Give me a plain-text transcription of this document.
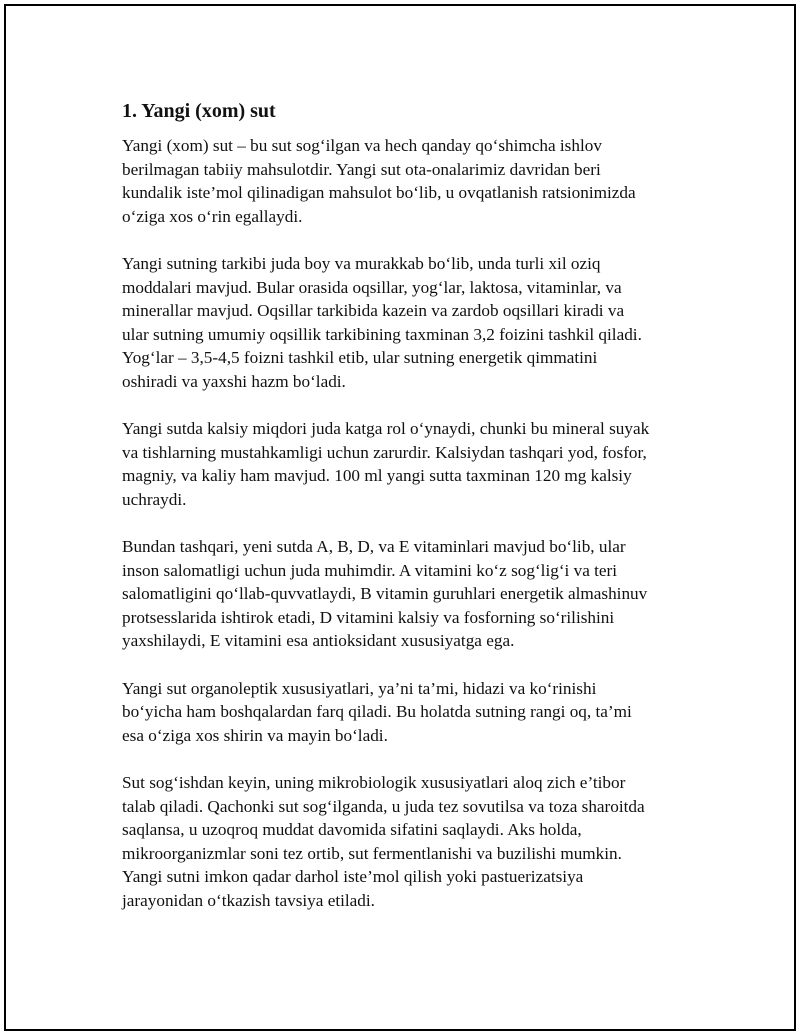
1. Yangi (xom) sut

Yangi (xom) sut – bu sut sog‘ilgan va hech qanday qo‘shimcha ishlov
berilmagan tabiiy mahsulotdir. Yangi sut ota-onalarimiz davridan beri
kundalik iste’mol qilinadigan mahsulot bo‘lib, u ovqatlanish ratsionimizda
o‘ziga xos o‘rin egallaydi.

Yangi sutning tarkibi juda boy va murakkab bo‘lib, unda turli xil oziq
moddalari mavjud. Bular orasida oqsillar, yog‘lar, laktosa, vitaminlar, va
minerallar mavjud. Oqsillar tarkibida kazein va zardob oqsillari kiradi va
ular sutning umumiy oqsillik tarkibining taxminan 3,2 foizini tashkil qiladi.
Yog‘lar – 3,5-4,5 foizni tashkil etib, ular sutning energetik qimmatini
oshiradi va yaxshi hazm bo‘ladi.

Yangi sutda kalsiy miqdori juda katga rol o‘ynaydi, chunki bu mineral suyak
va tishlarning mustahkamligi uchun zarurdir. Kalsiydan tashqari yod, fosfor,
magniy, va kaliy ham mavjud. 100 ml yangi sutta taxminan 120 mg kalsiy
uchraydi.

Bundan tashqari, yeni sutda A, B, D, va E vitaminlari mavjud bo‘lib, ular
inson salomatligi uchun juda muhimdir. A vitamini ko‘z sog‘lig‘i va teri
salomatligini qo‘llab-quvvatlaydi, B vitamin guruhlari energetik almashinuv
protsesslarida ishtirok etadi, D vitamini kalsiy va fosforning so‘rilishini
yaxshilaydi, E vitamini esa antioksidant xususiyatga ega.

Yangi sut organoleptik xususiyatlari, ya’ni ta’mi, hidazi va ko‘rinishi
bo‘yicha ham boshqalardan farq qiladi. Bu holatda sutning rangi oq, ta’mi
esa o‘ziga xos shirin va mayin bo‘ladi.

Sut sog‘ishdan keyin, uning mikrobiologik xususiyatlari aloq zich e’tibor
talab qiladi. Qachonki sut sog‘ilganda, u juda tez sovutilsa va toza sharoitda
saqlansa, u uzoqroq muddat davomida sifatini saqlaydi. Aks holda,
mikroorganizmlar soni tez ortib, sut fermentlanishi va buzilishi mumkin.
Yangi sutni imkon qadar darhol iste’mol qilish yoki pastuerizatsiya
jarayonidan o‘tkazish tavsiya etiladi.
